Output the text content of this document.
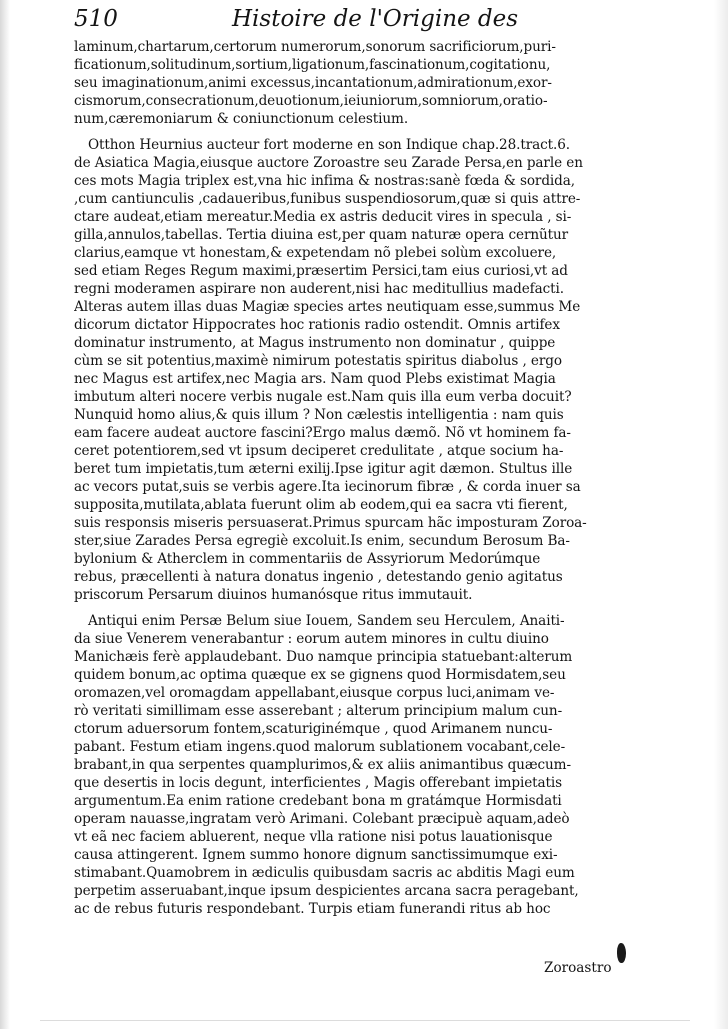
510	Histoire de l'Origine des
laminum,chartarum,certorum numerorum,sonorum sacrificiorum,puri-
ficationum,solitudinum,sortium,ligationum,fascinationum,cogitationu,
seu imaginationum,animi excessus,incantationum,admirationum,exor-
cismorum,consecrationum,deuotionum,ieiuniorum,somniorum,oratio-
num,cæremoniarum & coniunctionum celestium.
Otthon Heurnius aucteur fort moderne en son Indique chap.28.tract.6.
de Asiatica Magia,eiusque auctore Zoroastre seu Zarade Persa,en parle en
ces mots Magia triplex est,vna hic infima & nostras:sanè fœda & sordida,
,cum cantiunculis ,cadaueribus,funibus suspendiosorum,quæ si quis attre-
ctare audeat,etiam mereatur.Media ex astris deducit vires in specula , si-
gilla,annulos,tabellas. Tertia diuina est,per quam naturæ opera cernũtur
clarius,eamque vt honestam,& expetendam nõ plebei solùm excoluere,
sed etiam Reges Regum maximi,præsertim Persici,tam eius curiosi,vt ad
regni moderamen aspirare non auderent,nisi hac meditullius madefacti.
Alteras autem illas duas Magiæ species artes neutiquam esse,summus Me
dicorum dictator Hippocrates hoc rationis radio ostendit. Omnis artifex
dominatur instrumento, at Magus instrumento non dominatur , quippe
cùm se sit potentius,maximè nimirum potestatis spiritus diabolus , ergo
nec Magus est artifex,nec Magia ars. Nam quod Plebs existimat Magia
imbutum alteri nocere verbis nugale est.Nam quis illa eum verba docuit?
Nunquid homo alius,& quis illum ? Non cælestis intelligentia : nam quis
eam facere audeat auctore fascini?Ergo malus dæmõ. Nõ vt hominem fa-
ceret potentiorem,sed vt ipsum deciperet credulitate , atque socium ha-
beret tum impietatis,tum æterni exilij.Ipse igitur agit dæmon. Stultus ille
ac vecors putat,suis se verbis agere.Ita iecinorum fibræ , & corda inuer sa
supposita,mutilata,ablata fuerunt olim ab eodem,qui ea sacra vti fierent,
suis responsis miseris persuaserat.Primus spurcam hãc imposturam Zoroa-
ster,siue Zarades Persa egregiè excoluit.Is enim, secundum Berosum Ba-
bylonium & Atherclem in commentariis de Assyriorum Medorúmque
rebus, præcellenti à natura donatus ingenio , detestando genio agitatus
priscorum Persarum diuinos humanósque ritus immutauit.
Antiqui enim Persæ Belum siue Iouem, Sandem seu Herculem, Anaiti-
da siue Venerem venerabantur : eorum autem minores in cultu diuino
Manichæis ferè applaudebant. Duo namque principia statuebant:alterum
quidem bonum,ac optima quæque ex se gignens quod Hormisdatem,seu
oromazen,vel oromagdam appellabant,eiusque corpus luci,animam ve-
rò veritati simillimam esse asserebant ; alterum principium malum cun-
ctorum aduersorum fontem,scaturiginémque , quod Arimanem nuncu-
pabant. Festum etiam ingens.quod malorum sublationem vocabant,cele-
brabant,in qua serpentes quamplurimos,& ex aliis animantibus quæcum-
que desertis in locis degunt, interficientes , Magis offerebant impietatis
argumentum.Ea enim ratione credebant bona m gratámque Hormisdati
operam nauasse,ingratam verò Arimani. Colebant præcipuè aquam,adeò
vt eã nec faciem abluerent, neque vlla ratione nisi potus lauationisque
causa attingerent. Ignem summo honore dignum sanctissimumque exi-
stimabant.Quamobrem in ædiculis quibusdam sacris ac abditis Magi eum
perpetim asseruabant,inque ipsum despicientes arcana sacra peragebant,
ac de rebus futuris respondebant. Turpis etiam funerandi ritus ab hoc
Zoroastro
